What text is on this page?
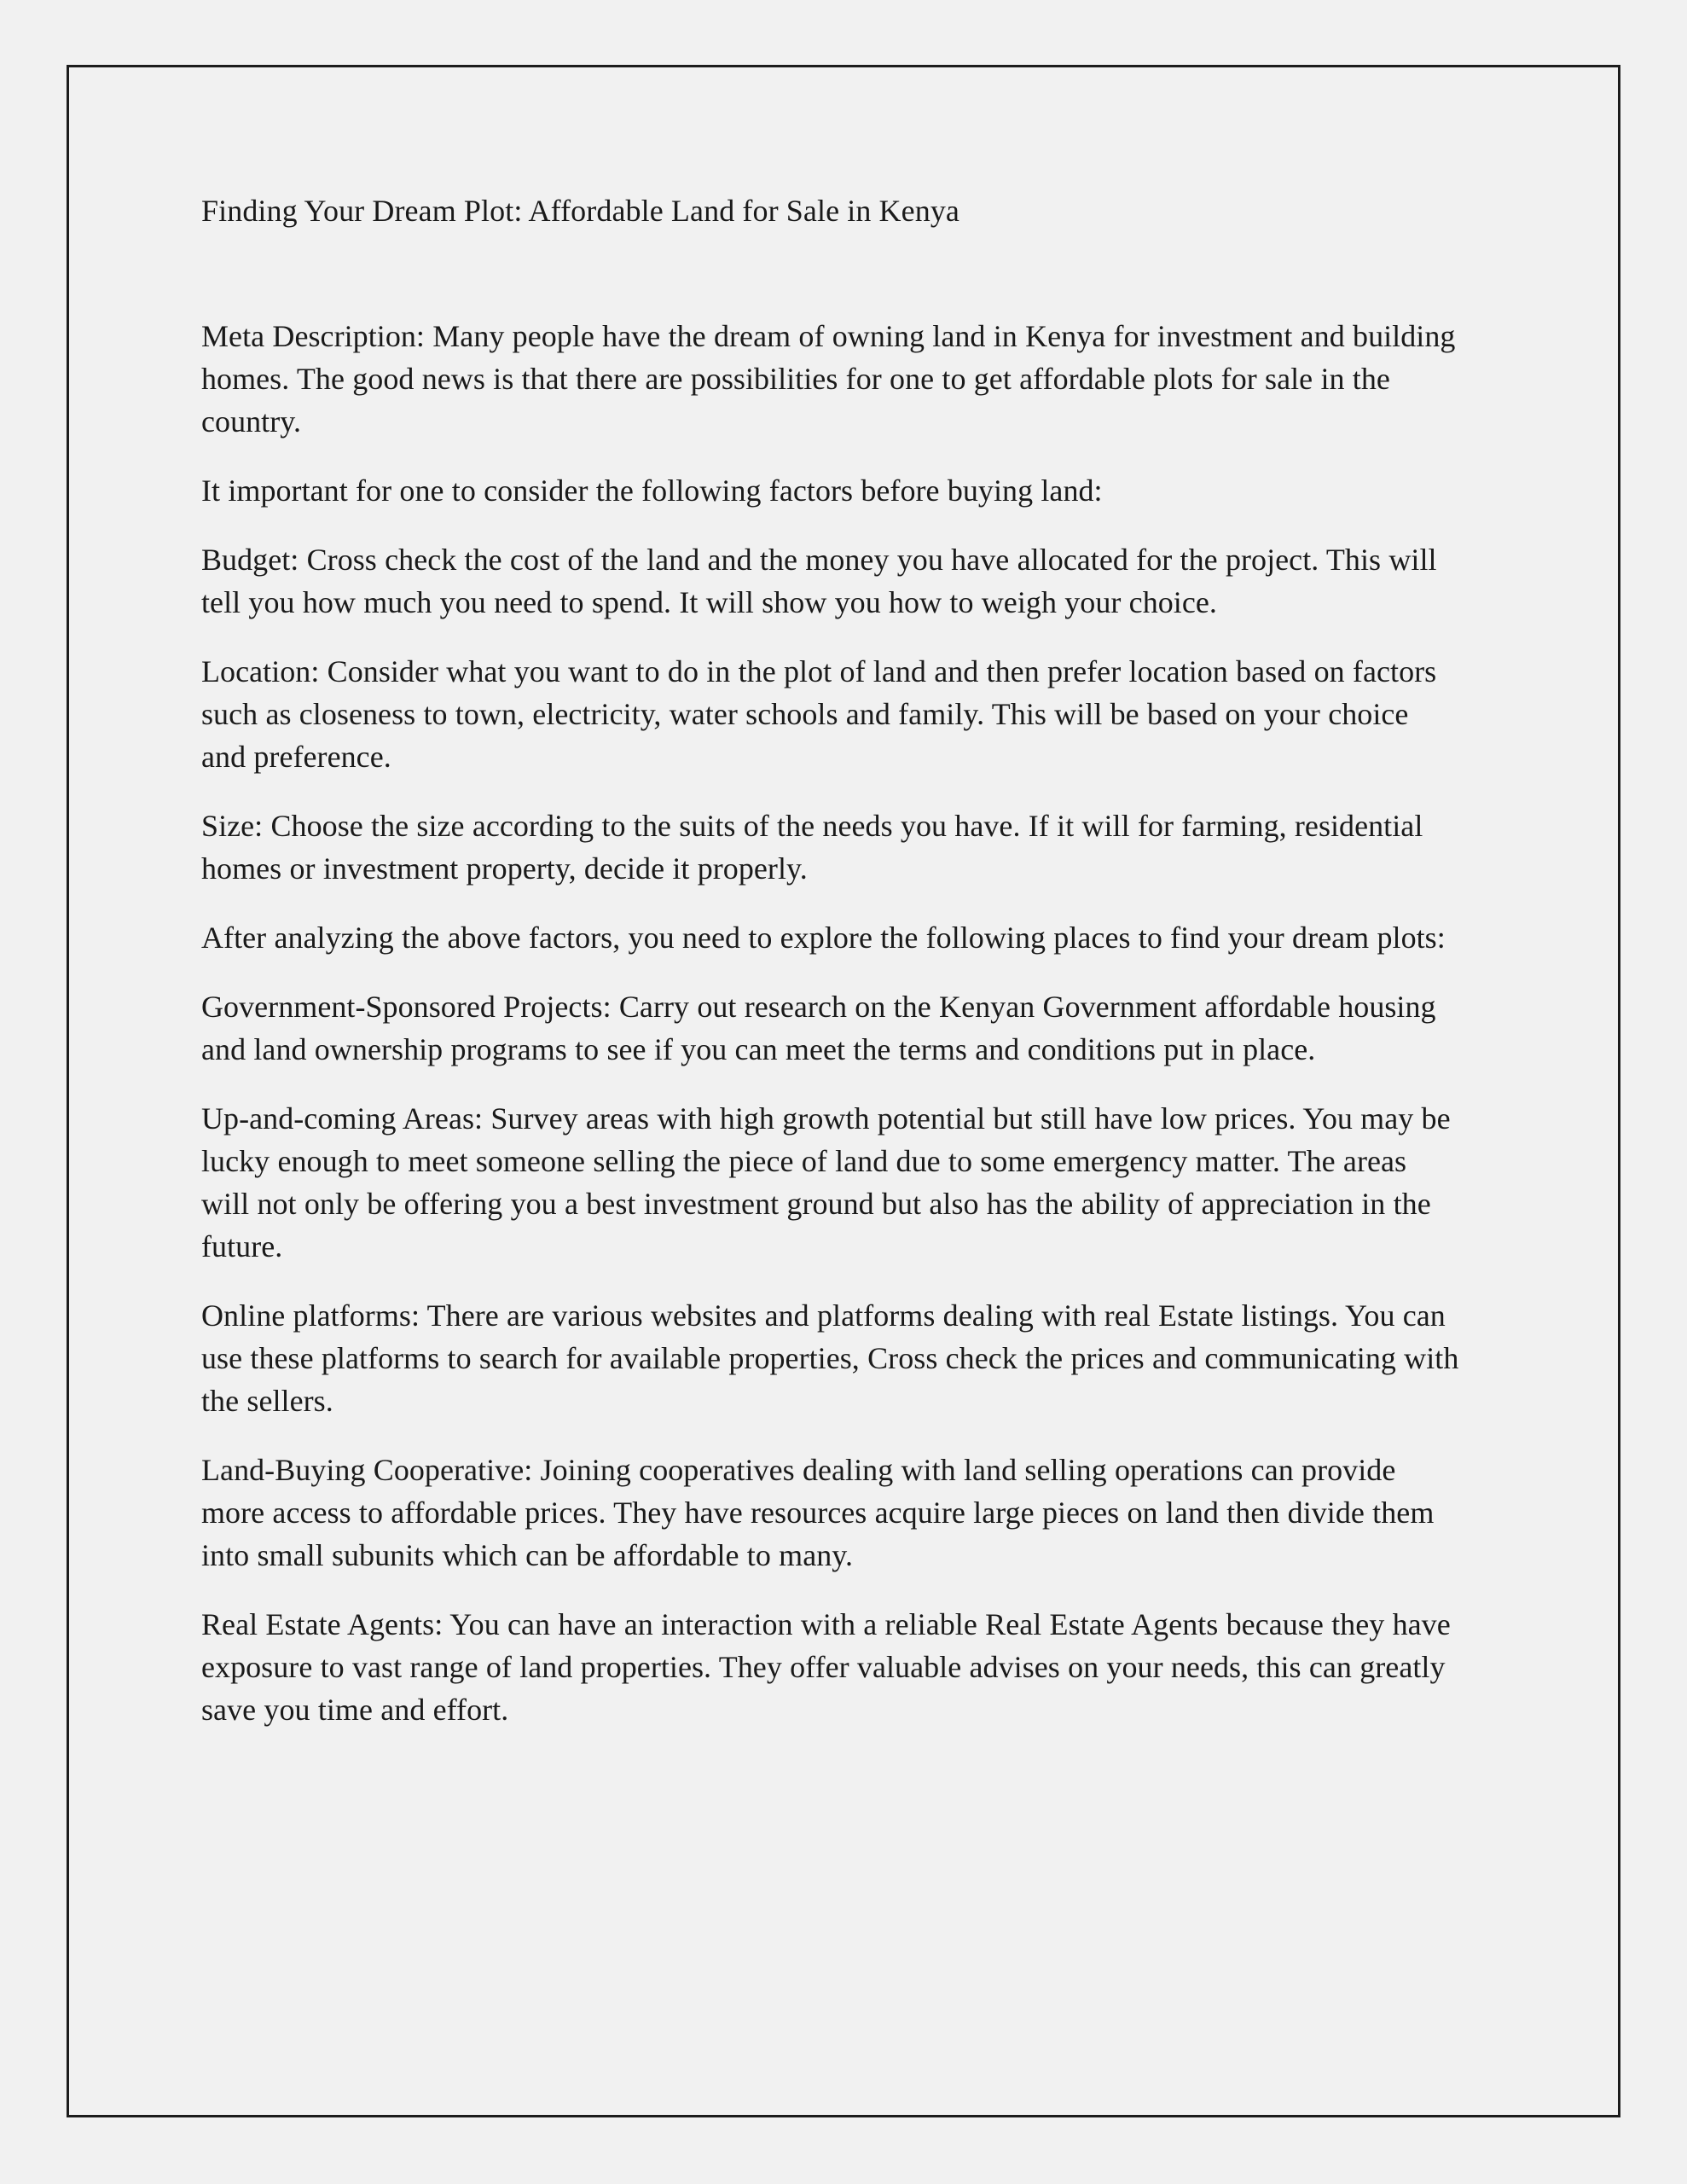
Finding Your Dream Plot: Affordable Land for Sale in Kenya

Meta Description: Many people have the dream of owning land in Kenya for investment and building homes. The good news is that there are possibilities for one to get affordable plots for sale in the country.

It important for one to consider the following factors before buying land:

Budget: Cross check the cost of the land and the money you have allocated for the project. This will tell you how much you need to spend. It will show you how to weigh your choice.

Location: Consider what you want to do in the plot of land and then prefer location based on factors such as closeness to town, electricity, water schools and family. This will be based on your choice and preference.

Size: Choose the size according to the suits of the needs you have. If it will for farming, residential homes or investment property, decide it properly.

After analyzing the above factors, you need to explore the following places to find your dream plots:

Government-Sponsored Projects: Carry out research on the Kenyan Government affordable housing and land ownership programs to see if you can meet the terms and conditions put in place.

Up-and-coming Areas: Survey areas with high growth potential but still have low prices. You may be lucky enough to meet someone selling the piece of land due to some emergency matter. The areas will not only be offering you a best investment ground but also has the ability of appreciation in the future.

Online platforms: There are various websites and platforms dealing with real Estate listings. You can use these platforms to search for available properties, Cross check the prices and communicating with the sellers.

Land-Buying Cooperative: Joining cooperatives dealing with land selling operations can provide more access to affordable prices. They have resources acquire large pieces on land then divide them into small subunits which can be affordable to many.

Real Estate Agents: You can have an interaction with a reliable Real Estate Agents because they have exposure to vast range of land properties. They offer valuable advises on your needs, this can greatly save you time and effort.
